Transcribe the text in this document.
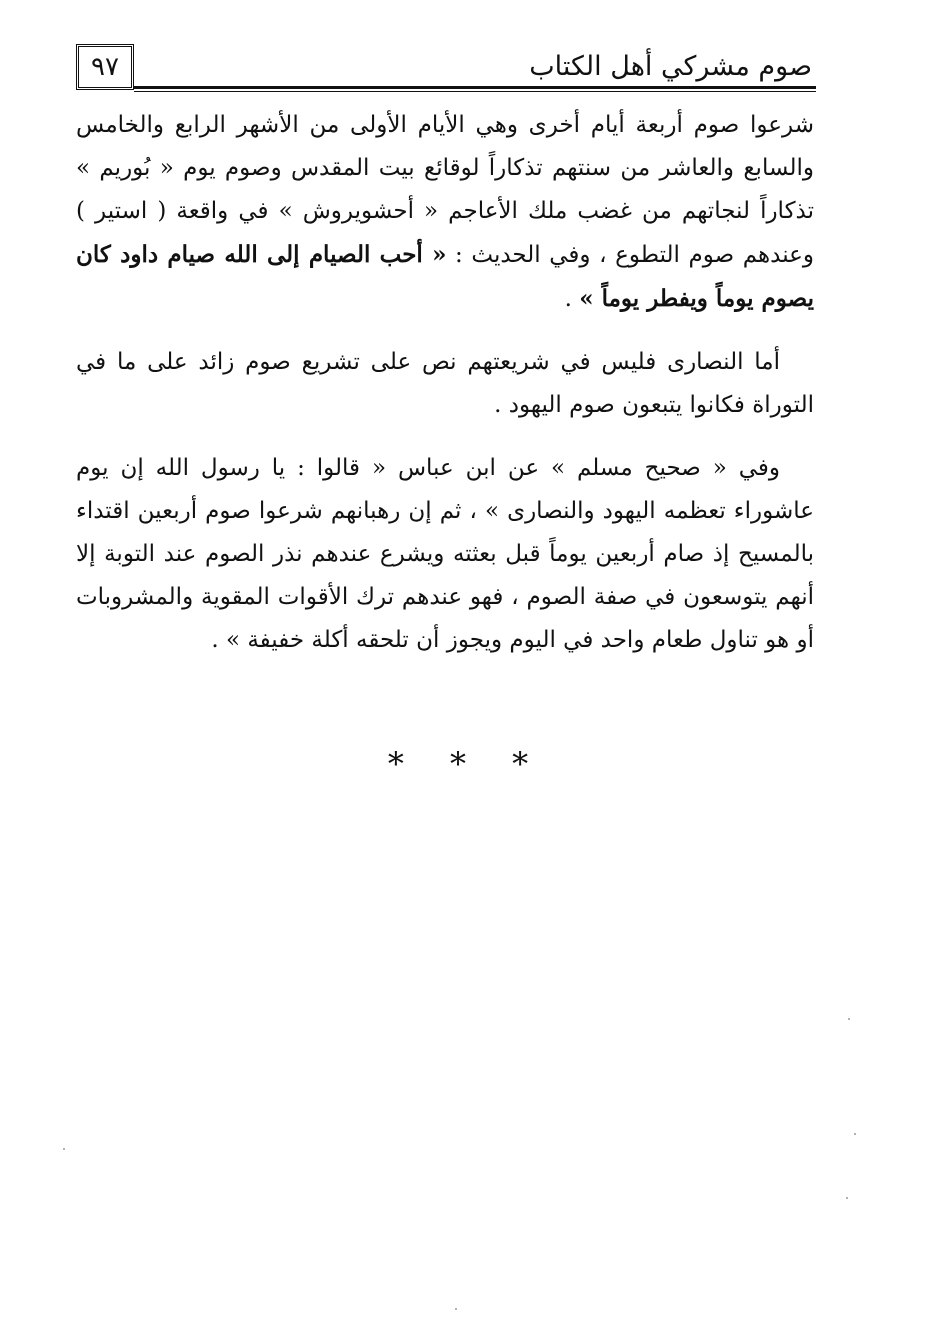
٩٧	صوم مشركي أهل الكتاب

شرعوا صوم أربعة أيام أخرى وهي الأيام الأولى من الأشهر الرابع والخامس والسابع والعاشر من سنتهم تذكاراً لوقائع بيت المقدس وصوم يوم « بُوريم » تذكاراً لنجاتهم من غضب ملك الأعاجم « أحشويروش » في واقعة ( استير ) وعندهم صوم التطوع ، وفي الحديث : « أحب الصيام إلى الله صيام داود كان يصوم يوماً ويفطر يوماً » .

أما النصارى فليس في شريعتهم نص على تشريع صوم زائد على ما في التوراة فكانوا يتبعون صوم اليهود .

وفي « صحيح مسلم » عن ابن عباس « قالوا : يا رسول الله إن يوم عاشوراء تعظمه اليهود والنصارى » ، ثم إن رهبانهم شرعوا صوم أربعين اقتداء بالمسيح إذ صام أربعين يوماً قبل بعثته ويشرع عندهم نذر الصوم عند التوبة إلا أنهم يتوسعون في صفة الصوم ، فهو عندهم ترك الأقوات المقوية والمشروبات أو هو تناول طعام واحد في اليوم ويجوز أن تلحقه أكلة خفيفة » .

* * *
